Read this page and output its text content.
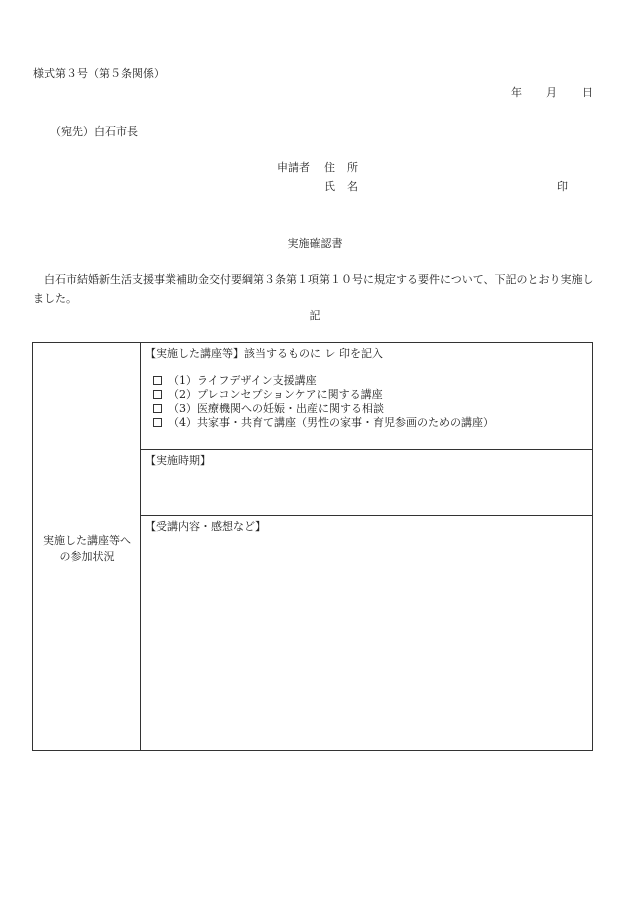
様式第３号（第５条関係）
年 月 日
（宛先）白石市長
申請者 住所
氏名	印
実施確認書
白石市結婚新生活支援事業補助金交付要綱第３条第１項第１０号に規定する要件について、下記のとおり実施しました。
記
実施した講座等へ
の参加状況
【実施した講座等】該当するものに レ 印を記入
（1）ライフデザイン支援講座
（2）プレコンセプションケアに関する講座
（3）医療機関への妊娠・出産に関する相談
（4）共家事・共育て講座（男性の家事・育児参画のための講座）
【実施時期】
【受講内容・感想など】
